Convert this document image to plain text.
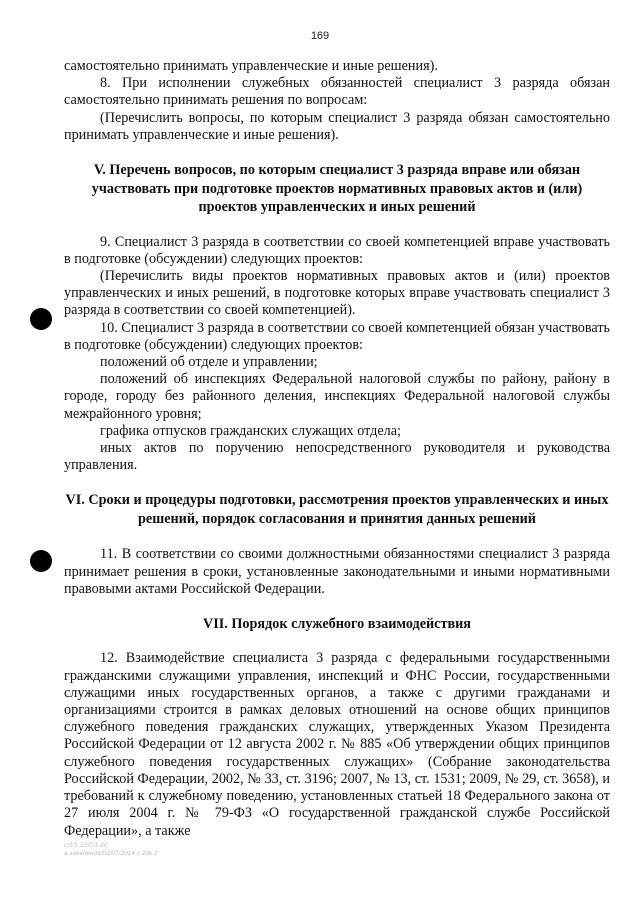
169

самостоятельно принимать управленческие и иные решения).

8. При исполнении служебных обязанностей специалист 3 разряда обязан самостоятельно принимать решения по вопросам:

(Перечислить вопросы, по которым специалист 3 разряда обязан самостоятельно принимать управленческие и иные решения).

V. Перечень вопросов, по которым специалист 3 разряда вправе или обязан участвовать при подготовке проектов нормативных правовых актов и (или) проектов управленческих и иных решений

9. Специалист 3 разряда в соответствии со своей компетенцией вправе участвовать в подготовке (обсуждении) следующих проектов:

(Перечислить виды проектов нормативных правовых актов и (или) проектов управленческих и иных решений, в подготовке которых вправе участвовать специалист 3 разряда в соответствии со своей компетенцией).

10. Специалист 3 разряда в соответствии со своей компетенцией обязан участвовать в подготовке (обсуждении) следующих проектов:

положений об отделе и управлении;

положений об инспекциях Федеральной налоговой службы по району, району в городе, городу без районного деления, инспекциях Федеральной налоговой службы межрайонного уровня;

графика отпусков гражданских служащих отдела;

иных актов по поручению непосредственного руководителя и руководства управления.

VI. Сроки и процедуры подготовки, рассмотрения проектов управленческих и иных решений, порядок согласования и принятия данных решений

11. В соответствии со своими должностными обязанностями специалист 3 разряда принимает решения в сроки, установленные законодательными и иными нормативными правовыми актами Российской Федерации.

VII. Порядок служебного взаимодействия

12. Взаимодействие специалиста 3 разряда с федеральными государственными гражданскими служащими управления, инспекций и ФНС России, государственными служащими иных государственных органов, а также с другими гражданами и организациями строится в рамках деловых отношений на основе общих принципов служебного поведения гражданских служащих, утвержденных Указом Президента Российской Федерации от 12 августа 2002 г. № 885 «Об утверждении общих принципов служебного поведения государственных служащих» (Собрание законодательства Российской Федерации, 2002, № 33, ст. 3196; 2007, № 13, ст. 1531; 2009, № 29, ст. 3658), и требований к служебному поведению, установленных статьей 18 Федерального закона от 27 июля 2004 г. № 79-ФЗ «О государственной гражданской службе Российской Федерации», а также

с/1/1 2/07/1-20
а заявления/02/07/2014 г 20к 2
